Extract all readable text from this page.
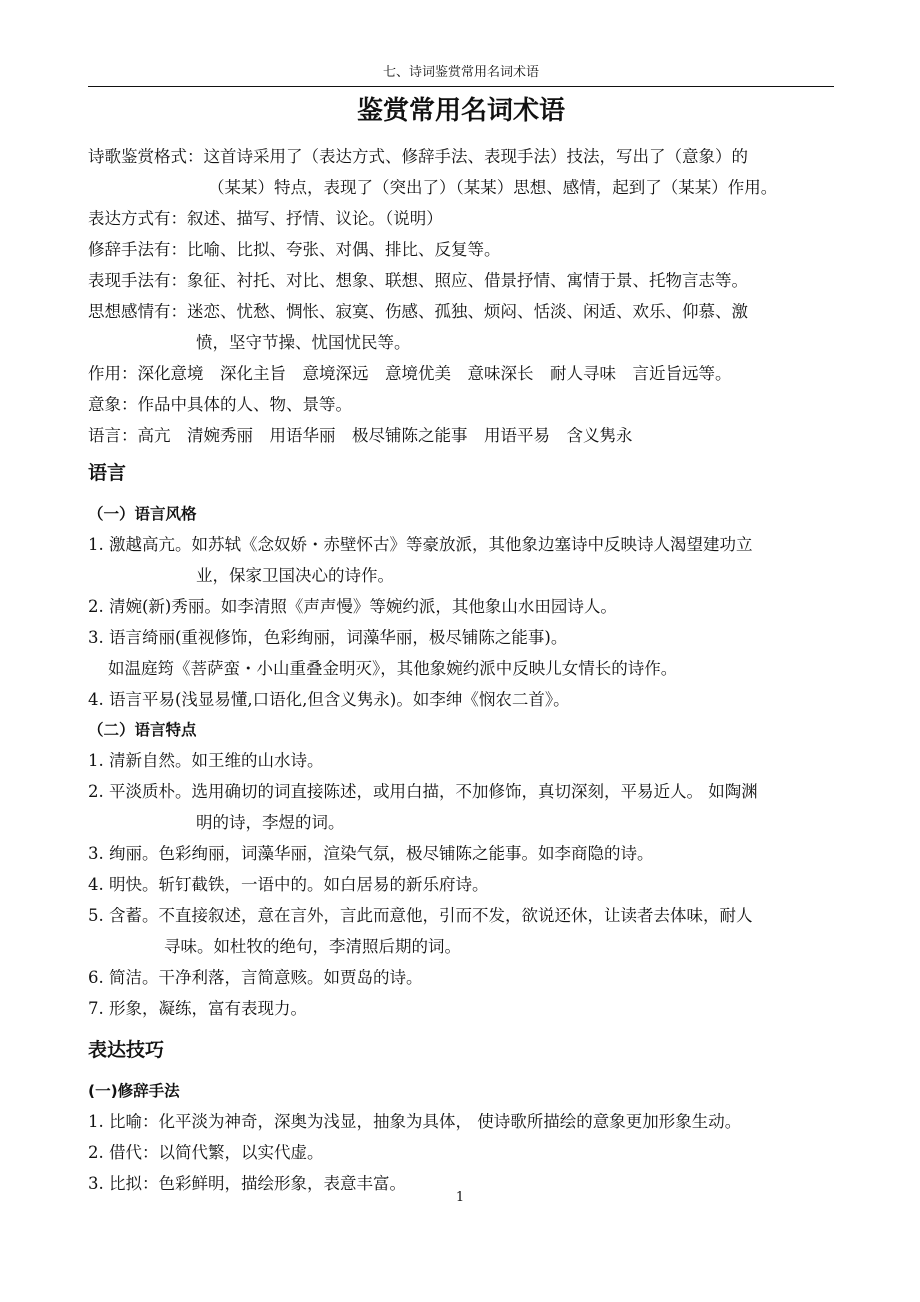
七、诗词鉴赏常用名词术语
鉴赏常用名词术语
诗歌鉴赏格式：这首诗采用了（表达方式、修辞手法、表现手法）技法，写出了（意象）的
（某某）特点，表现了（突出了）（某某）思想、感情，起到了（某某）作用。
表达方式有：叙述、描写、抒情、议论。（说明）
修辞手法有：比喻、比拟、夸张、对偶、排比、反复等。
表现手法有：象征、衬托、对比、想象、联想、照应、借景抒情、寓情于景、托物言志等。
思想感情有：迷恋、忧愁、惆怅、寂寞、伤感、孤独、烦闷、恬淡、闲适、欢乐、仰慕、激
愤，坚守节操、忧国忧民等。
作用：深化意境　深化主旨　意境深远　意境优美　意味深长　耐人寻味　言近旨远等。
意象：作品中具体的人、物、景等。
语言：高亢　清婉秀丽　用语华丽　极尽铺陈之能事　用语平易　含义隽永
语言
（一）语言风格
1. 激越高亢。如苏轼《念奴娇・赤壁怀古》等豪放派，其他象边塞诗中反映诗人渴望建功立
业，保家卫国决心的诗作。
2. 清婉(新)秀丽。如李清照《声声慢》等婉约派，其他象山水田园诗人。
3. 语言绮丽(重视修饰，色彩绚丽，词藻华丽，极尽铺陈之能事)。
如温庭筠《菩萨蛮・小山重叠金明灭》，其他象婉约派中反映儿女情长的诗作。
4. 语言平易(浅显易懂,口语化,但含义隽永)。如李绅《悯农二首》。
（二）语言特点
1. 清新自然。如王维的山水诗。
2. 平淡质朴。选用确切的词直接陈述，或用白描，不加修饰，真切深刻，平易近人。 如陶渊
明的诗，李煜的词。
3. 绚丽。色彩绚丽，词藻华丽，渲染气氛，极尽铺陈之能事。如李商隐的诗。
4. 明快。斩钉截铁，一语中的。如白居易的新乐府诗。
5. 含蓄。不直接叙述，意在言外，言此而意他，引而不发，欲说还休，让读者去体味，耐人
寻味。如杜牧的绝句，李清照后期的词。
6. 简洁。干净利落，言简意赅。如贾岛的诗。
7. 形象，凝练，富有表现力。
表达技巧
(一)修辞手法
1. 比喻：化平淡为神奇，深奥为浅显，抽象为具体， 使诗歌所描绘的意象更加形象生动。
2. 借代：以简代繁，以实代虚。
3. 比拟：色彩鲜明，描绘形象，表意丰富。
1
